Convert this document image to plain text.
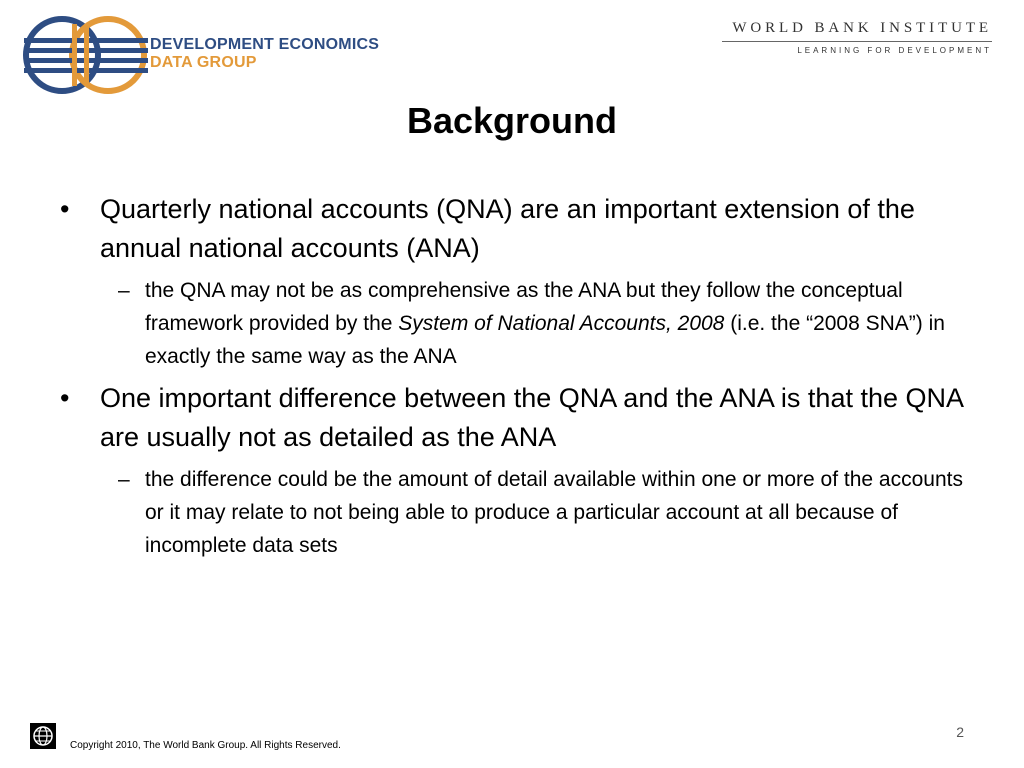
DEVELOPMENT ECONOMICS
DATA GROUP
WORLD BANK INSTITUTE
LEARNING FOR DEVELOPMENT
Background
• Quarterly national accounts (QNA) are an important extension of the annual national accounts (ANA)
– the QNA may not be as comprehensive as the ANA but they follow the conceptual framework provided by the System of National Accounts, 2008 (i.e. the “2008 SNA”) in exactly the same way as the ANA
• One important difference between the QNA and the ANA is that the QNA are usually not as detailed as the ANA
– the difference could be the amount of detail available within one or more of the accounts or it may relate to not being able to produce a particular account at all because of incomplete data sets
Copyright 2010, The World Bank Group. All Rights Reserved.
2
